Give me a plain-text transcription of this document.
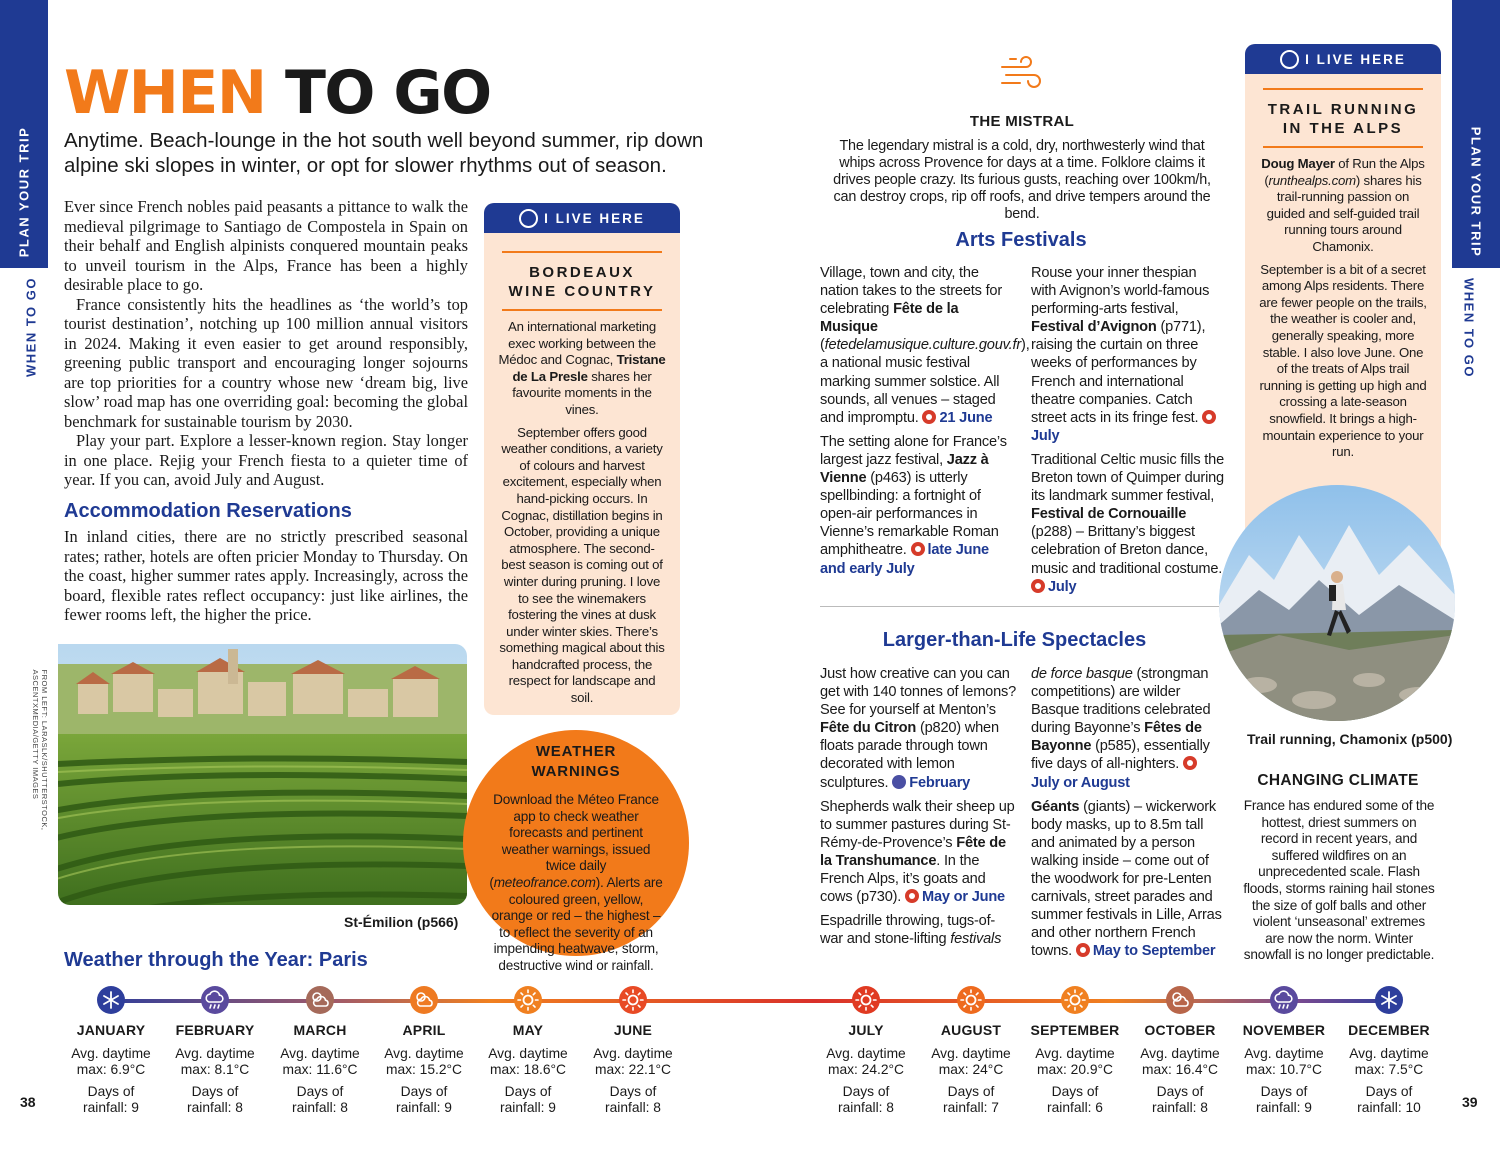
PLAN YOUR TRIP
WHEN TO GO
PLAN YOUR TRIP
WHEN TO GO
WHEN TO GO
Anytime. Beach-lounge in the hot south well beyond summer, rip down alpine ski slopes in winter, or opt for slower rhythms out of season.

Ever since French nobles paid peasants a pittance to walk the medieval pilgrimage to Santiago de Compostela in Spain on their behalf and English alpinists conquered mountain peaks to unveil tourism in the Alps, France has been a highly desirable place to go.

France consistently hits the headlines as ‘the world’s top tourist destination’, notching up 100 million annual visitors in 2024. Making it even easier to get around responsibly, greening public transport and encouraging longer sojourns are top priorities for a country whose new ‘dream big, live slow’ road map has one overriding goal: becoming the global benchmark for sustainable tourism by 2030.

Play your part. Explore a lesser-known region. Stay longer in one place. Rejig your French fiesta to a quieter time of year. If you can, avoid July and August.

Accommodation Reservations

In inland cities, there are no strictly prescribed seasonal rates; rather, hotels are often pricier Monday to Thursday. On the coast, higher summer rates apply. Increasingly, across the board, flexible rates reflect occupancy: just like airlines, the fewer rooms left, the higher the price.

FROM LEFT: LARASLK/SHUTTERSTOCK,
ASCENTXMEDIA/GETTY IMAGES
St-Émilion (p566)
I LIVE HERE
BORDEAUX
WINE COUNTRY

An international marketing exec working between the Médoc and Cognac, Tristane de La Presle shares her favourite moments in the vines.

September offers good weather conditions, a variety of colours and harvest excitement, especially when hand-picking occurs. In Cognac, distillation begins in October, providing a unique atmosphere. The second-best season is coming out of winter during pruning. I love to see the winemakers fostering the vines at dusk under winter skies. There’s something magical about this handcrafted process, the respect for landscape and soil.

WEATHER
WARNINGS
Download the Méteo France app to check weather forecasts and pertinent weather warnings, issued twice daily (meteofrance.com). Alerts are coloured green, yellow, orange or red – the highest – to reflect the severity of an impending heatwave, storm, destructive wind or rainfall.
THE MISTRAL
The legendary mistral is a cold, dry, northwesterly wind that whips across Provence for days at a time. Folklore claims it drives people crazy. Its furious gusts, reaching over 100km/h, can destroy crops, rip off roofs, and drive tempers around the bend.
Arts Festivals

Village, town and city, the nation takes to the streets for celebrating Fête de la Musique (fetedelamusique.culture.gouv.fr), a national music festival marking summer solstice. All sounds, all venues – staged and impromptu. 21 June

The setting alone for France’s largest jazz festival, Jazz à Vienne (p463) is utterly spellbinding: a fortnight of open-air performances in Vienne’s remarkable Roman amphitheatre. late June and early July

Rouse your inner thespian with Avignon’s world-famous performing-arts festival, Festival d’Avignon (p771), raising the curtain on three weeks of performances by French and international theatre companies. Catch street acts in its fringe fest. July

Traditional Celtic music fills the Breton town of Quimper during its landmark summer festival, Festival de Cornouaille (p288) – Brittany’s biggest celebration of Breton dance, music and traditional costume. July

Larger-than-Life Spectacles

Just how creative can you can get with 140 tonnes of lemons? See for yourself at Menton’s Fête du Citron (p820) when floats parade through town decorated with lemon sculptures. February

Shepherds walk their sheep up to summer pastures during St-Rémy-de-Provence’s Fête de la Transhumance. In the French Alps, it’s goats and cows (p730). May or June

Espadrille throwing, tugs-of-war and stone-lifting festivals

de force basque (strongman competitions) are wilder Basque traditions celebrated during Bayonne’s Fêtes de Bayonne (p585), essentially five days of all-nighters. July or August

Géants (giants) – wickerwork body masks, up to 8.5m tall and animated by a person walking inside – come out of the woodwork for pre-Lenten carnivals, street parades and summer festivals in Lille, Arras and other northern French towns. May to September

I LIVE HERE
TRAIL RUNNING
IN THE ALPS

Doug Mayer of Run the Alps (runthealps.com) shares his trail-running passion on guided and self-guided trail running tours around Chamonix.

September is a bit of a secret among Alps residents. There are fewer people on the trails, the weather is cooler and, generally speaking, more stable. I also love June. One of the treats of Alps trail running is getting up high and crossing a late-season snowfield. It brings a high-mountain experience to your run.

Trail running, Chamonix (p500)
CHANGING CLIMATE
France has endured some of the hottest, driest summers on record in recent years, and suffered wildfires on an unprecedented scale. Flash floods, storms raining hail stones the size of golf balls and other violent ‘unseasonal’ extremes are now the norm. Winter snowfall is no longer predictable.
Weather through the Year: Paris
JANUARY
Avg. daytime
max: 6.9°C
Days of
rainfall: 9
FEBRUARY
Avg. daytime
max: 8.1°C
Days of
rainfall: 8
MARCH
Avg. daytime
max: 11.6°C
Days of
rainfall: 8
APRIL
Avg. daytime
max: 15.2°C
Days of
rainfall: 9
MAY
Avg. daytime
max: 18.6°C
Days of
rainfall: 9
JUNE
Avg. daytime
max: 22.1°C
Days of
rainfall: 8
JULY
Avg. daytime
max: 24.2°C
Days of
rainfall: 8
AUGUST
Avg. daytime
max: 24°C
Days of
rainfall: 7
SEPTEMBER
Avg. daytime
max: 20.9°C
Days of
rainfall: 6
OCTOBER
Avg. daytime
max: 16.4°C
Days of
rainfall: 8
NOVEMBER
Avg. daytime
max: 10.7°C
Days of
rainfall: 9
DECEMBER
Avg. daytime
max: 7.5°C
Days of
rainfall: 10
38	39
